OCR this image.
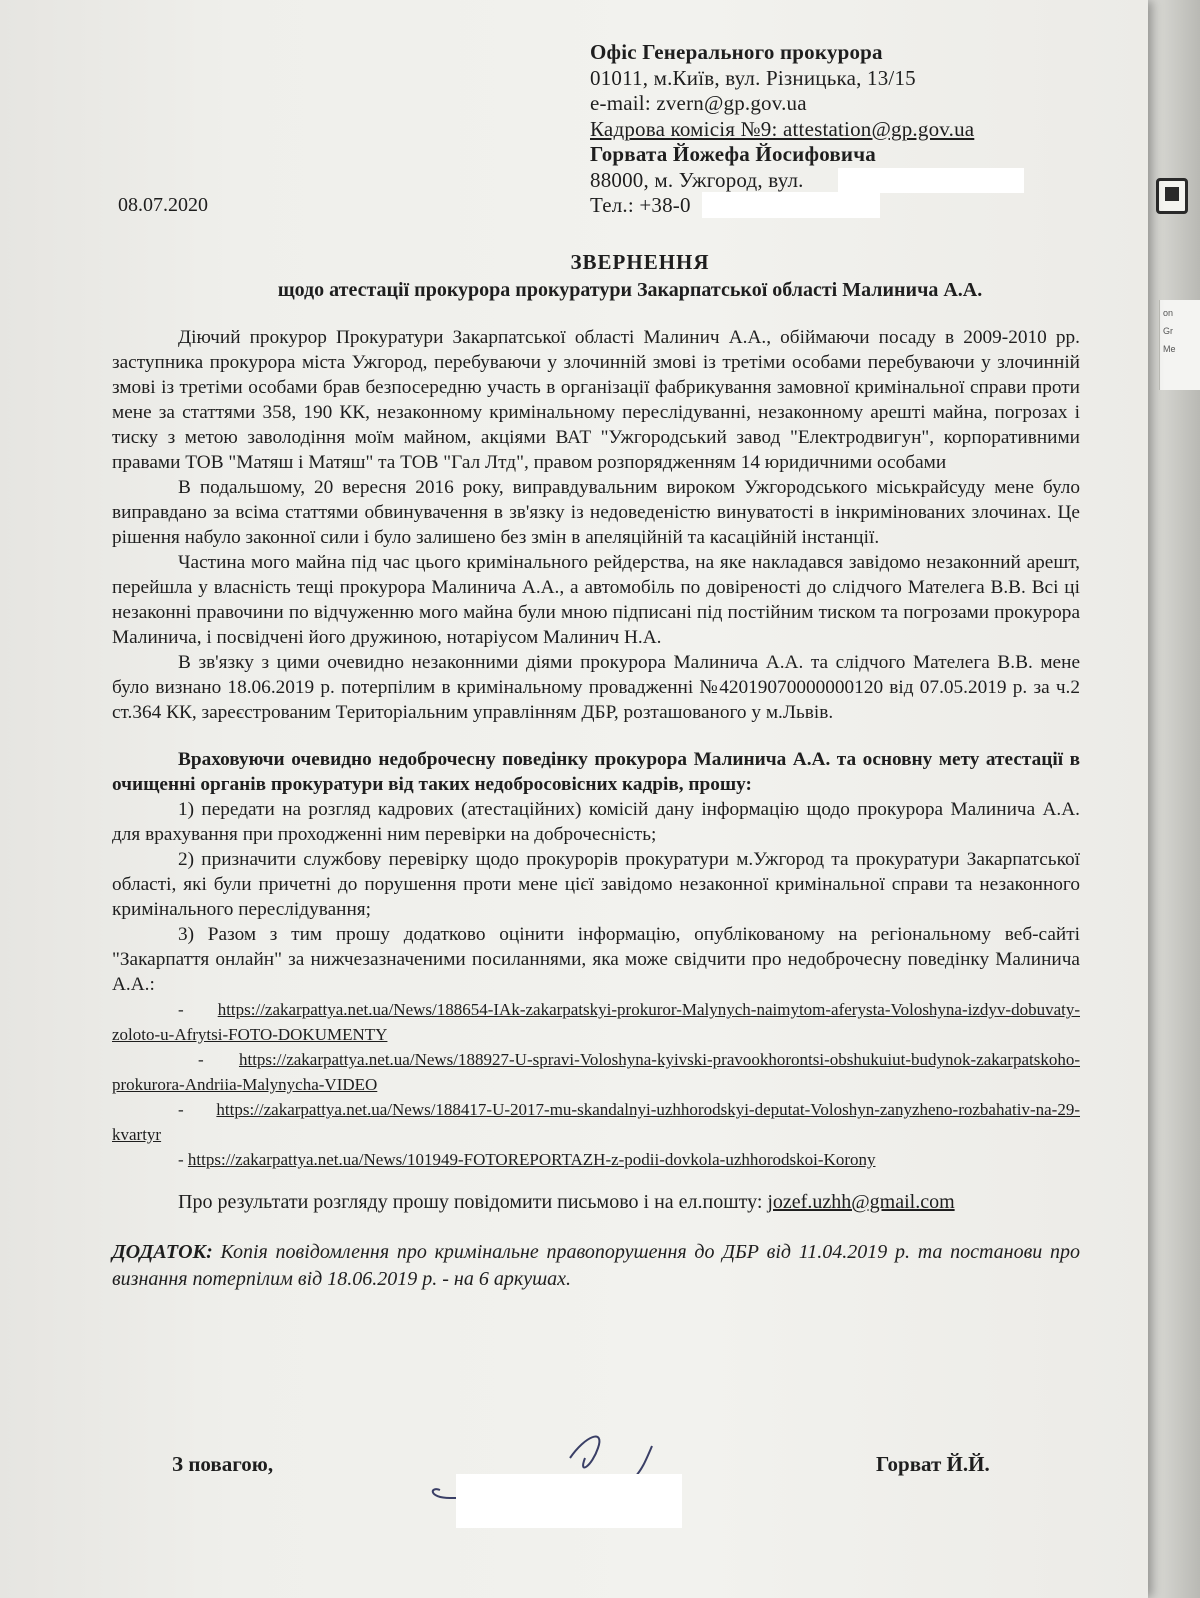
on
Gr
Me
Офіс Генерального прокурора
01011, м.Київ, вул. Різницька, 13/15
e-mail: zvern@gp.gov.ua
Кадрова комісія №9: attestation@gp.gov.ua
Горвата Йожефа Йосифовича
88000, м. Ужгород, вул.
Тел.: +38-0
08.07.2020
ЗВЕРНЕННЯ
щодо атестації прокурора прокуратури Закарпатської області Малинича А.А.

Діючий прокурор Прокуратури Закарпатської області Малинич А.А., обіймаючи посаду в 2009-2010 рр. заступника прокурора міста Ужгород, перебуваючи у злочинній змові із третіми особами перебуваючи у злочинній змові із третіми особами брав безпосередню участь в організації фабрикування замовної кримінальної справи проти мене за статтями 358, 190 КК, незаконному кримінальному переслідуванні, незаконному арешті майна, погрозах і тиску з метою заволодіння моїм майном, акціями ВАТ "Ужгородський завод "Електродвигун", корпоративними правами ТОВ "Матяш і Матяш" та ТОВ "Гал Лтд", правом розпорядженням 14 юридичними особами

В подальшому, 20 вересня 2016 року, виправдувальним вироком Ужгородського міськрайсуду мене було виправдано за всіма статтями обвинувачення в зв'язку із недоведеністю винуватості в інкримінованих злочинах. Це рішення набуло законної сили і було залишено без змін в апеляційній та касаційній інстанції.

Частина мого майна під час цього кримінального рейдерства, на яке накладався завідомо незаконний арешт, перейшла у власність тещі прокурора Малинича А.А., а автомобіль по довіреності до слідчого Мателега В.В. Всі ці незаконні правочини по відчуженню мого майна були мною підписані під постійним тиском та погрозами прокурора Малинича, і посвідчені його дружиною, нотаріусом Малинич Н.А.

В зв'язку з цими очевидно незаконними діями прокурора Малинича А.А. та слідчого Мателега В.В. мене було визнано 18.06.2019 р. потерпілим в кримінальному провадженні №42019070000000120 від 07.05.2019 р. за ч.2 ст.364 КК, зареєстрованим Територіальним управлінням ДБР, розташованого у м.Львів.

Враховуючи очевидно недоброчесну поведінку прокурора Малинича А.А. та основну мету атестації в очищенні органів прокуратури від таких недобросовісних кадрів, прошу:

1) передати на розгляд кадрових (атестаційних) комісій дану інформацію щодо прокурора Малинича А.А. для врахування при проходженні ним перевірки на доброчесність;

2) призначити службову перевірку щодо прокурорів прокуратури м.Ужгород та прокуратури Закарпатської області, які були причетні до порушення проти мене цієї завідомо незаконної кримінальної справи та незаконного кримінального переслідування;

3) Разом з тим прошу додатково оцінити інформацію, опублікованому на регіональному веб-сайті "Закарпаття онлайн" за нижчезазначеними посиланнями, яка може свідчити про недоброчесну поведінку Малинича А.А.:

- https://zakarpattya.net.ua/News/188654-IAk-zakarpatskyi-prokuror-Malynych-naimytom-aferysta-Voloshyna-izdyv-dobuvaty-zoloto-u-Afrytsi-FOTO-DOKUMENTY

- https://zakarpattya.net.ua/News/188927-U-spravi-Voloshyna-kyivski-pravookhorontsi-obshukuiut-budynok-zakarpatskoho-prokurora-Andriia-Malynycha-VIDEO

- https://zakarpattya.net.ua/News/188417-U-2017-mu-skandalnyi-uzhhorodskyi-deputat-Voloshyn-zanyzheno-rozbahativ-na-29-kvartyr

- https://zakarpattya.net.ua/News/101949-FOTOREPORTAZH-z-podii-dovkola-uzhhorodskoi-Korony

Про результати розгляду прошу повідомити письмово і на ел.пошту: jozef.uzhh@gmail.com

ДОДАТОК: Копія повідомлення про кримінальне правопорушення до ДБР від 11.04.2019 р. та постанови про визнання потерпілим від 18.06.2019 р. - на 6 аркушах.

З повагою,	Горват Й.Й.
